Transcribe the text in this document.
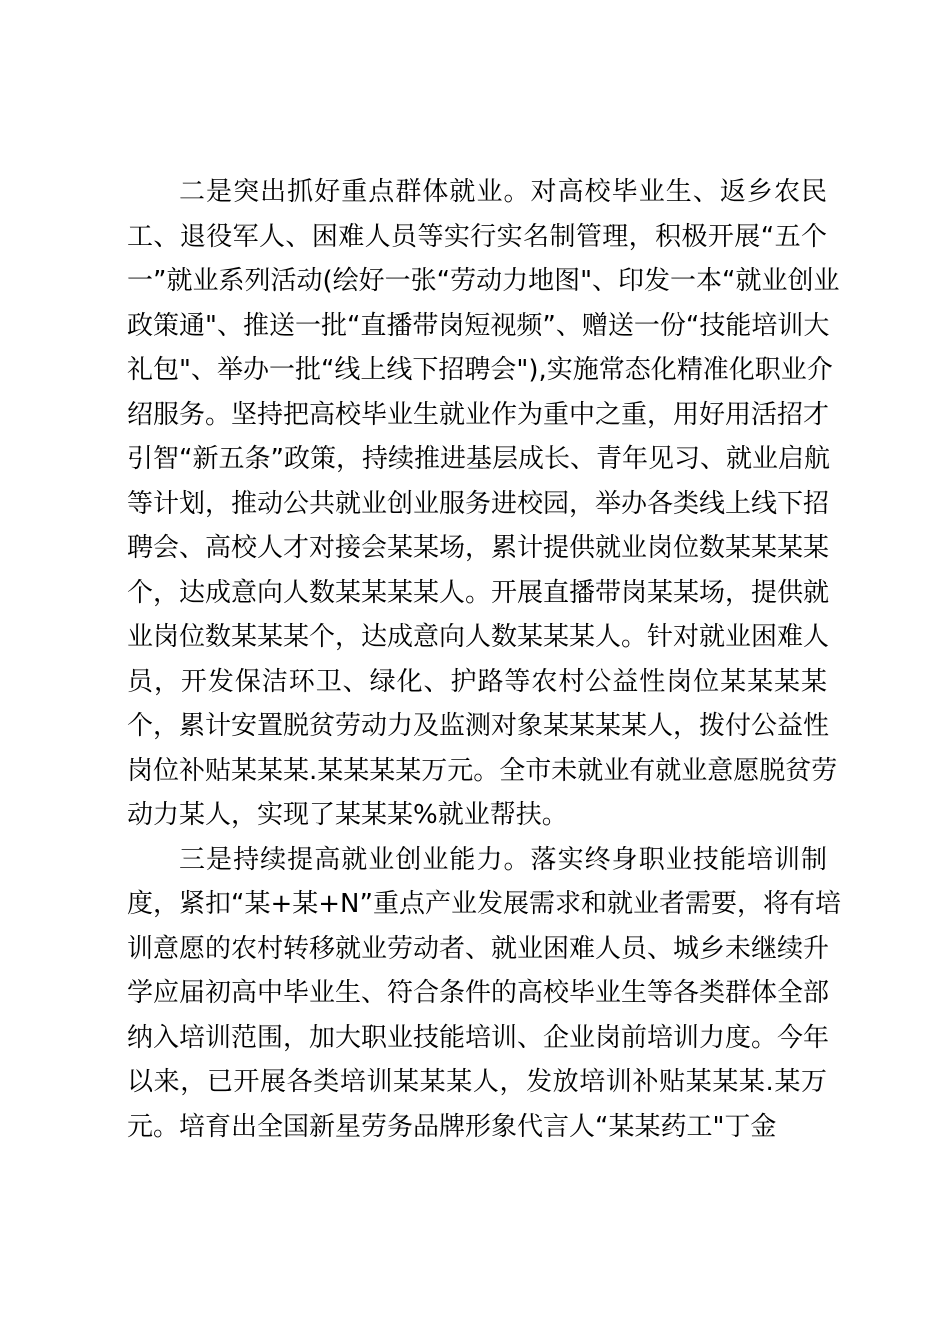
二是突出抓好重点群体就业。对高校毕业生、返乡农民
工、退役军人、困难人员等实行实名制管理，积极开展“五个
一”就业系列活动(绘好一张“劳动力地图"、印发一本“就业创业
政策通"、推送一批“直播带岗短视频”、赠送一份“技能培训大
礼包"、举办一批“线上线下招聘会"),实施常态化精准化职业介
绍服务。坚持把高校毕业生就业作为重中之重，用好用活招才
引智“新五条”政策，持续推进基层成长、青年见习、就业启航
等计划，推动公共就业创业服务进校园，举办各类线上线下招
聘会、高校人才对接会某某场，累计提供就业岗位数某某某某
个，达成意向人数某某某某人。开展直播带岗某某场，提供就
业岗位数某某某个，达成意向人数某某某人。针对就业困难人
员，开发保洁环卫、绿化、护路等农村公益性岗位某某某某
个，累计安置脱贫劳动力及监测对象某某某某人，拨付公益性
岗位补贴某某某.某某某某万元。全市未就业有就业意愿脱贫劳
动力某人，实现了某某某%就业帮扶。
三是持续提高就业创业能力。落实终身职业技能培训制
度，紧扣“某+某+N”重点产业发展需求和就业者需要，将有培
训意愿的农村转移就业劳动者、就业困难人员、城乡未继续升
学应届初高中毕业生、符合条件的高校毕业生等各类群体全部
纳入培训范围，加大职业技能培训、企业岗前培训力度。今年
以来，已开展各类培训某某某人，发放培训补贴某某某.某万
元。培育出全国新星劳务品牌形象代言人“某某药工"丁金
